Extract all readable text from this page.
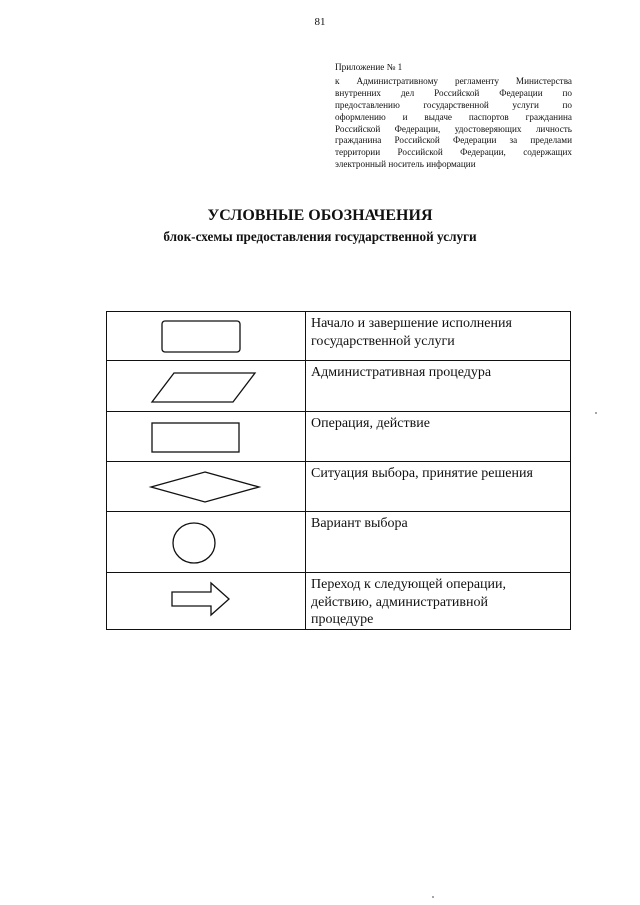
81
Приложение № 1
к Административному регламенту Министерства
внутренних дел Российской Федерации по
предоставлению государственной услуги по
оформлению и выдаче паспортов гражданина
Российской Федерации, удостоверяющих личность
гражданина Российской Федерации за пределами
территории Российской Федерации, содержащих
электронный носитель информации
УСЛОВНЫЕ ОБОЗНАЧЕНИЯ
блок-схемы предоставления государственной услуги

Начало и завершение исполнения
государственной услуги

Административная процедура

Операция, действие

Ситуация выбора, принятие решения

Вариант выбора

Переход к следующей операции,
действию, административной
процедуре
